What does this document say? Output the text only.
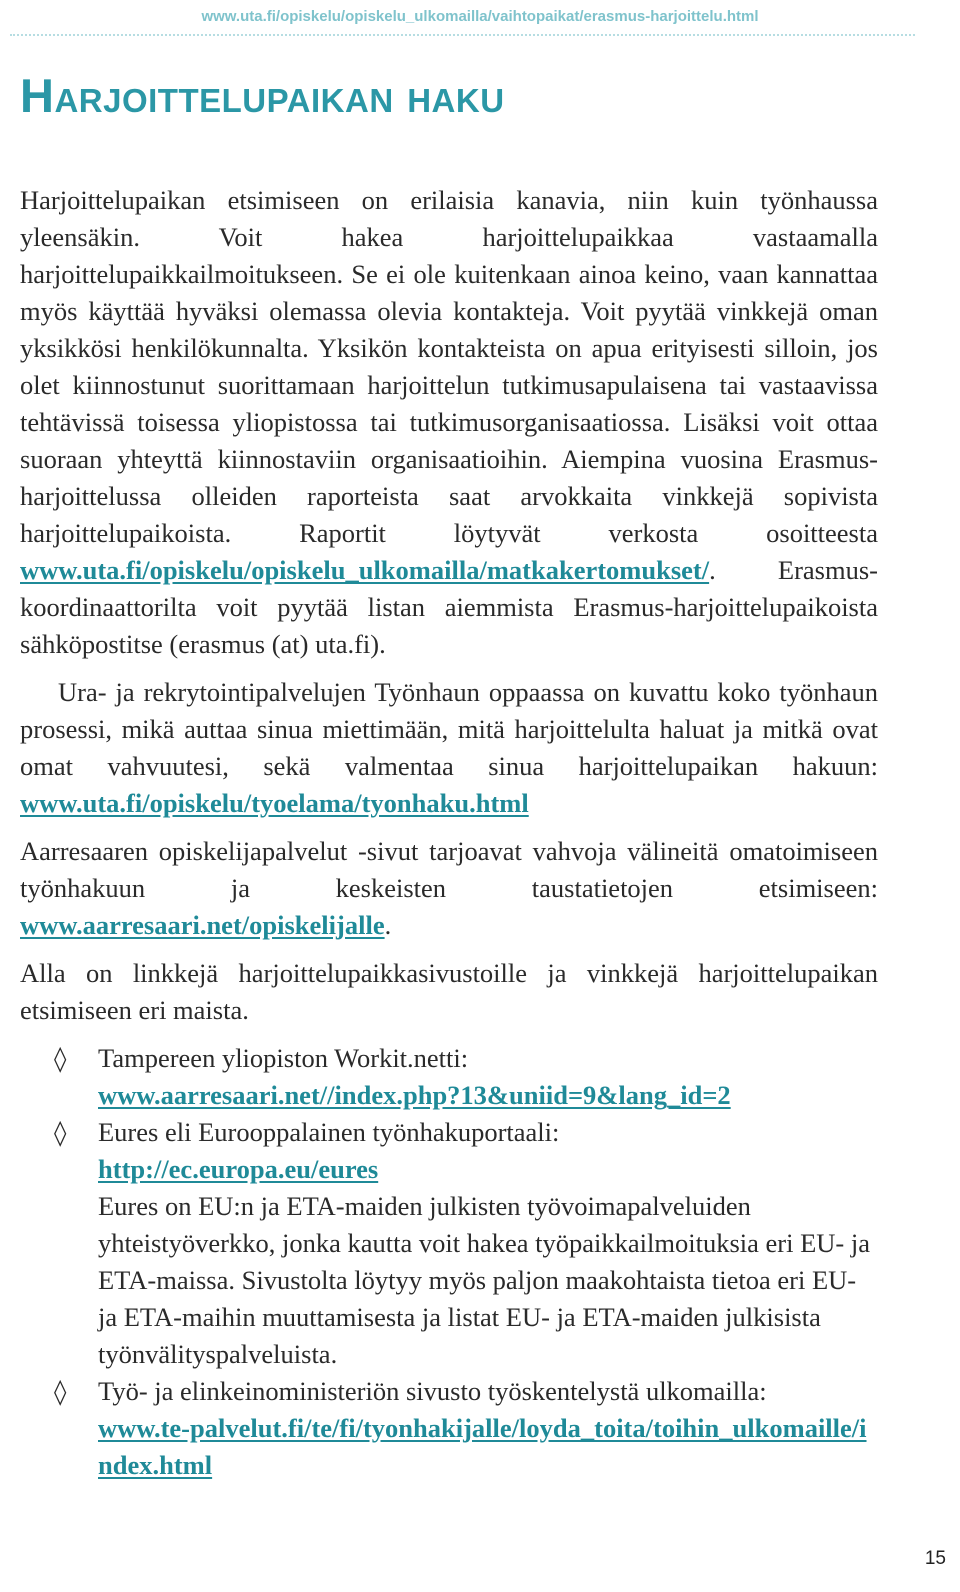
www.uta.fi/opiskelu/opiskelu_ulkomailla/vaihtopaikat/erasmus-harjoittelu.html
Harjoittelupaikan haku

Harjoittelupaikan etsimiseen on erilaisia kanavia, niin kuin työnhaussa yleensäkin. Voit hakea harjoittelupaikkaa vastaamalla harjoittelupaikkailmoitukseen. Se ei ole kuitenkaan ainoa keino, vaan kannattaa myös käyttää hyväksi olemassa olevia kontakteja. Voit pyytää vinkkejä oman yksikkösi henkilökunnalta. Yksikön kontakteista on apua erityisesti silloin, jos olet kiinnostunut suorittamaan harjoittelun tutkimusapulaisena tai vastaavissa tehtävissä toisessa yliopistossa tai tutkimusorganisaatiossa. Lisäksi voit ottaa suoraan yhteyttä kiinnostaviin organisaatioihin. Aiempina vuosina Erasmus-harjoittelussa olleiden raporteista saat arvokkaita vinkkejä sopivista harjoittelupaikoista. Raportit löytyvät verkosta osoitteesta www.uta.fi/opiskelu/opiskelu_ulkomailla/matkakertomukset/. Erasmus-koordinaattorilta voit pyytää listan aiemmista Erasmus-harjoittelupaikoista sähköpostitse (erasmus (at) uta.fi).

Ura- ja rekrytointipalvelujen Työnhaun oppaassa on kuvattu koko työnhaun prosessi, mikä auttaa sinua miettimään, mitä harjoittelulta haluat ja mitkä ovat omat vahvuutesi, sekä valmentaa sinua harjoittelupaikan hakuun: www.uta.fi/opiskelu/tyoelama/tyonhaku.html

Aarresaaren opiskelijapalvelut -sivut tarjoavat vahvoja välineitä omatoimiseen työnhakuun ja keskeisten taustatietojen etsimiseen: www.aarresaari.net/opiskelijalle.

Alla on linkkejä harjoittelupaikkasivustoille ja vinkkejä harjoittelupaikan etsimiseen eri maista.

◊ Tampereen yliopiston Workit.netti:
www.aarresaari.net//index.php?13&uniid=9&lang_id=2
◊ Eures eli Eurooppalainen työnhakuportaali:
http://ec.europa.eu/eures
Eures on EU:n ja ETA-maiden julkisten työvoimapalveluiden yhteistyöverkko, jonka kautta voit hakea työpaikkailmoituksia eri EU- ja ETA-maissa. Sivustolta löytyy myös paljon maakohtaista tietoa eri EU- ja ETA-maihin muuttamisesta ja listat EU- ja ETA-maiden julkisista työnvälityspalveluista.
◊ Työ- ja elinkeinoministeriön sivusto työskentelystä ulkomailla:
www.te-palvelut.fi/te/fi/tyonhakijalle/loyda_toita/toihin_ulkomaille/index.html
15
